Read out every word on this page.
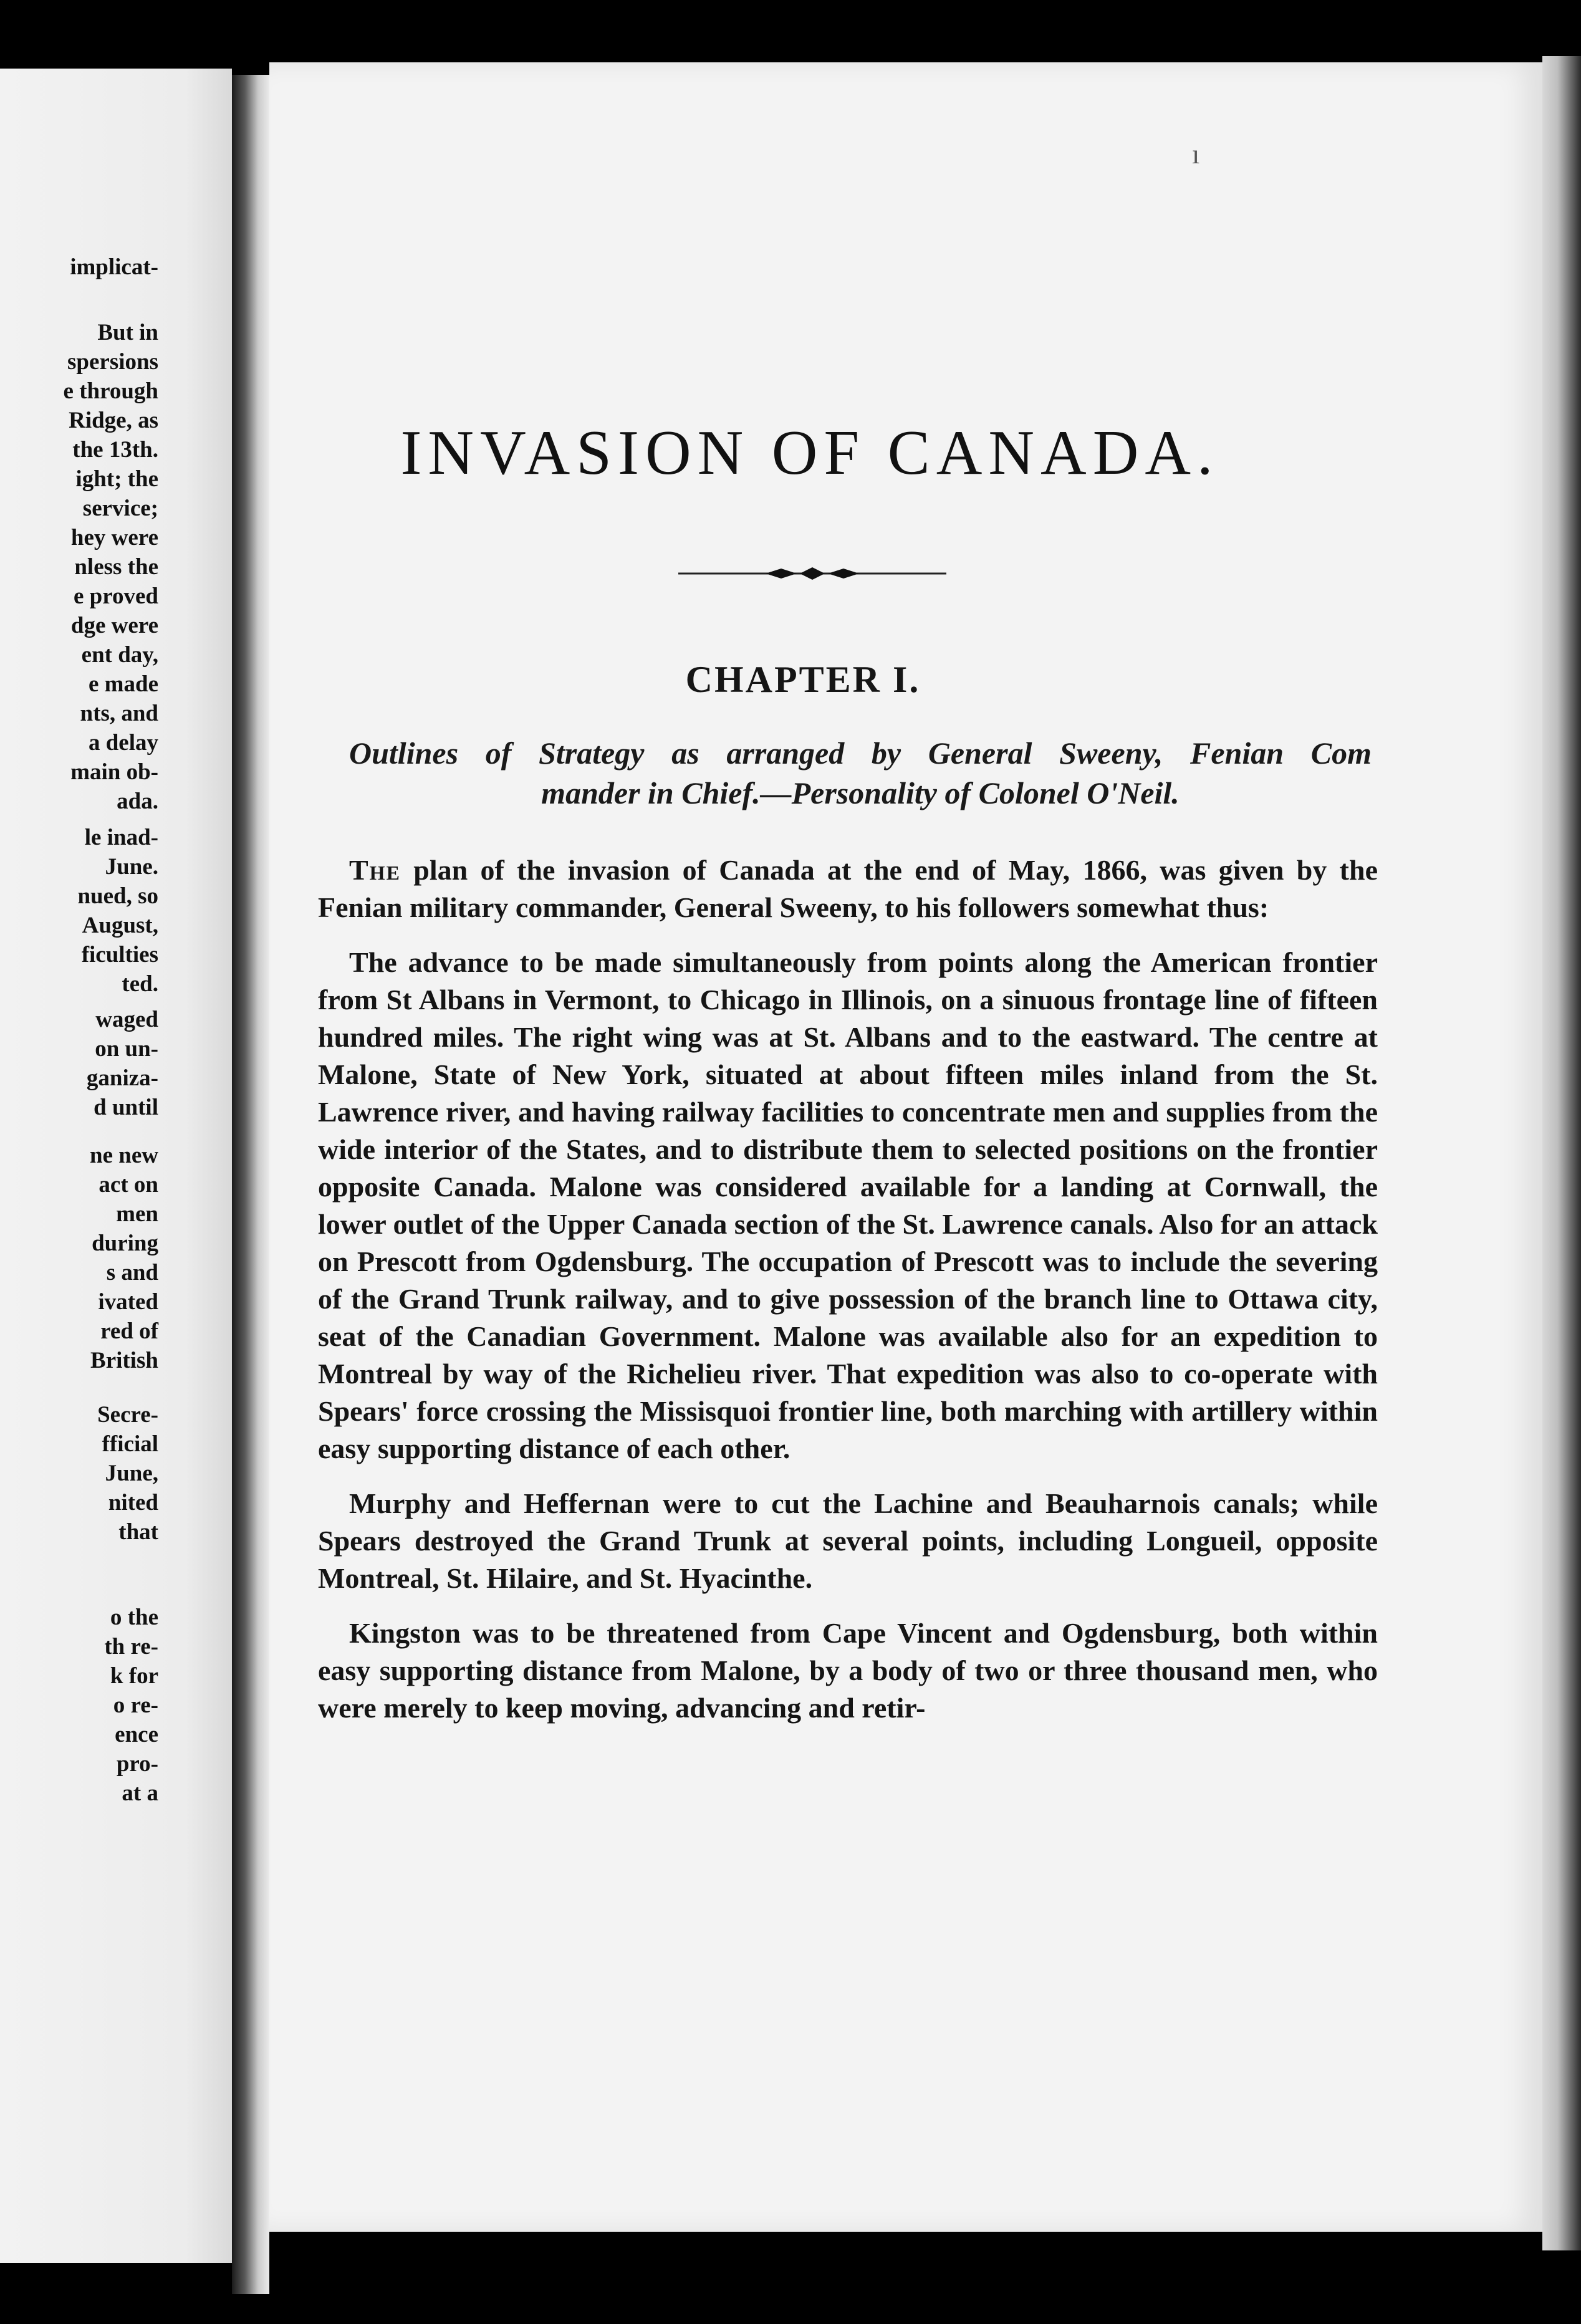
implicat-
But in
spersions
e through
Ridge, as
the 13th.
ight; the
service;
hey were
nless the
e proved
dge were
ent day,
e made
nts, and
a delay
main ob-
ada.
le inad-
June.
nued, so
August,
ficulties
ted.
waged
on un-
ganiza-
d until
ne new
act on
men
during
s and
ivated
red of
British
Secre-
fficial
June,
nited
that
o the
th re-
k for
o re-
ence
pro-
at a
ı
INVASION OF CANADA.
CHAPTER I.
Outlines of Strategy as arranged by General Sweeny, Fenian Com
mander in Chief.—Personality of Colonel O'Neil.

The plan of the invasion of Canada at the end of May, 1866, was given by the Fenian military commander, General Sweeny, to his followers somewhat thus:

The advance to be made simultaneously from points along the American frontier from St Albans in Vermont, to Chicago in Illinois, on a sinuous frontage line of fifteen hundred miles. The right wing was at St. Albans and to the eastward. The centre at Malone, State of New York, situated at about fifteen miles inland from the St. Lawrence river, and having railway facilities to concentrate men and supplies from the wide interior of the States, and to distribute them to selected positions on the frontier opposite Canada. Malone was considered available for a landing at Cornwall, the lower outlet of the Upper Canada section of the St. Lawrence canals. Also for an attack on Prescott from Ogdensburg. The occupation of Prescott was to include the severing of the Grand Trunk railway, and to give possession of the branch line to Ottawa city, seat of the Canadian Government. Malone was available also for an expedition to Montreal by way of the Richelieu river. That expedition was also to co-operate with Spears' force crossing the Missisquoi frontier line, both marching with artillery within easy supporting distance of each other.

Murphy and Heffernan were to cut the Lachine and Beauharnois canals; while Spears destroyed the Grand Trunk at several points, including Longueil, opposite Montreal, St. Hilaire, and St. Hyacinthe.

Kingston was to be threatened from Cape Vincent and Ogdensburg, both within easy supporting distance from Malone, by a body of two or three thousand men, who were merely to keep moving, advancing and retir-
